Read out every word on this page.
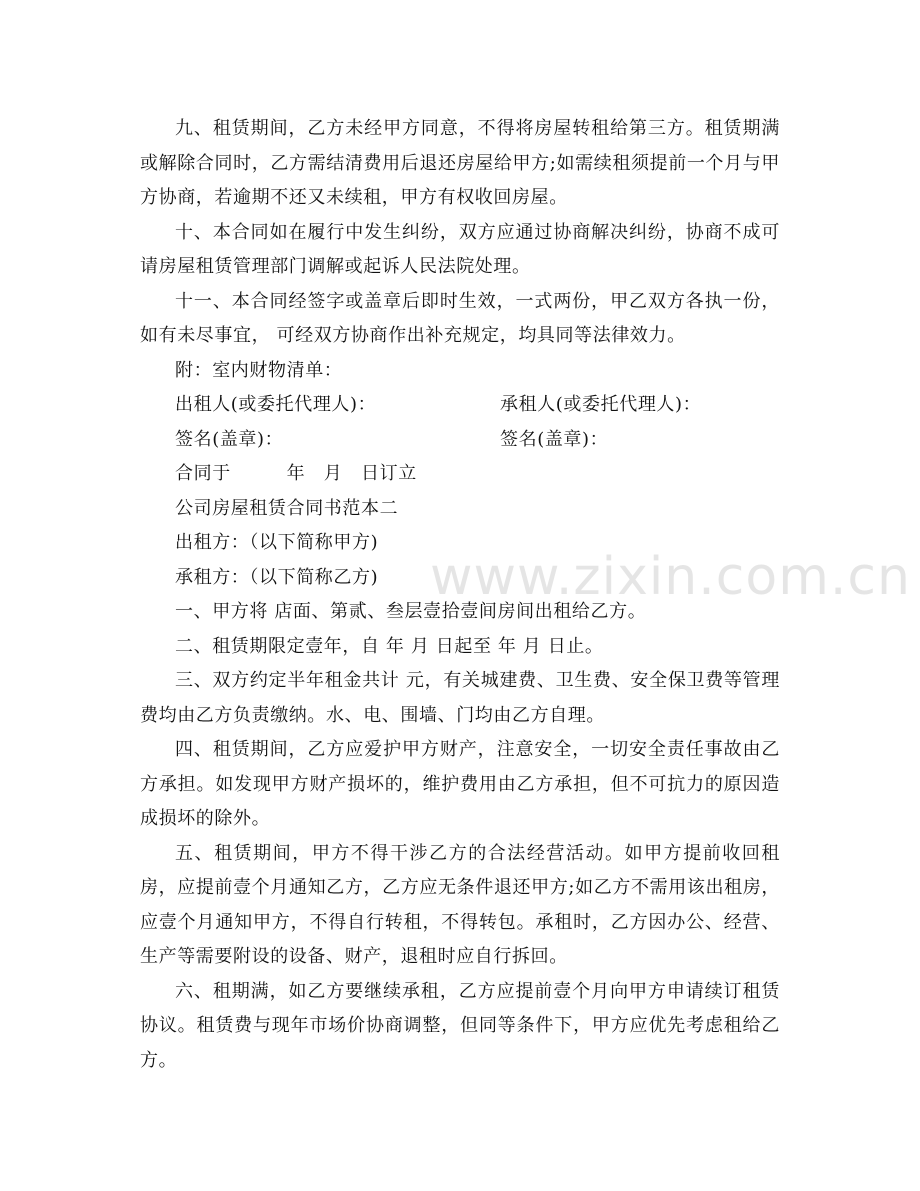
九、租赁期间，乙方未经甲方同意，不得将房屋转租给第三方。租赁期满或解除合同时，乙方需结清费用后退还房屋给甲方;如需续租须提前一个月与甲方协商，若逾期不还又未续租，甲方有权收回房屋。

十、本合同如在履行中发生纠纷，双方应通过协商解决纠纷，协商不成可请房屋租赁管理部门调解或起诉人民法院处理。

十一、本合同经签字或盖章后即时生效，一式两份，甲乙双方各执一份，如有未尽事宜， 可经双方协商作出补充规定，均具同等法律效力。

附：室内财物清单：

出租人(或委托代理人)：	承租人(或委托代理人)：
签名(盖章)：	签名(盖章)：

合同于　　　年　月　日订立

公司房屋租赁合同书范本二

出租方：（以下简称甲方)

承租方：（以下简称乙方)

一、甲方将 店面、第贰、叁层壹拾壹间房间出租给乙方。

二、租赁期限定壹年，自 年 月 日起至 年 月 日止。

三、双方约定半年租金共计 元，有关城建费、卫生费、安全保卫费等管理费均由乙方负责缴纳。水、电、围墙、门均由乙方自理。

四、租赁期间，乙方应爱护甲方财产，注意安全，一切安全责任事故由乙方承担。如发现甲方财产损坏的，维护费用由乙方承担，但不可抗力的原因造成损坏的除外。

五、租赁期间，甲方不得干涉乙方的合法经营活动。如甲方提前收回租房，应提前壹个月通知乙方，乙方应无条件退还甲方;如乙方不需用该出租房，应壹个月通知甲方，不得自行转租，不得转包。承租时，乙方因办公、经营、生产等需要附设的设备、财产，退租时应自行拆回。

六、租期满，如乙方要继续承租，乙方应提前壹个月向甲方申请续订租赁协议。租赁费与现年市场价协商调整，但同等条件下，甲方应优先考虑租给乙方。

www.zixin.com.cn
